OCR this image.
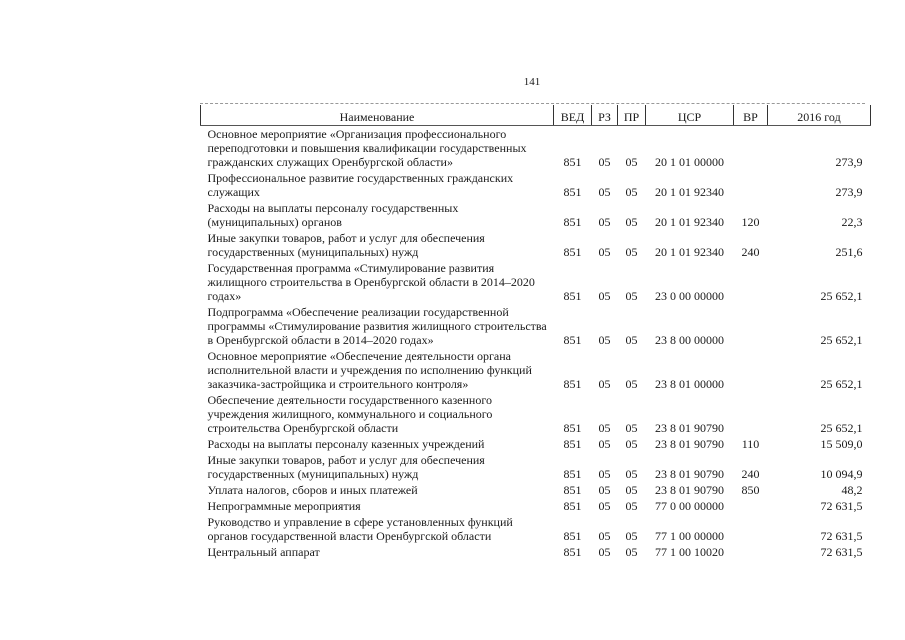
141
Наименование	ВЕД	РЗ	ПР	ЦСР	ВР	2016 год
Основное мероприятие «Организация профессионального переподготовки и повышения квалификации государственных гражданских служащих Оренбургской области»	851	05	05	20 1 01 00000		273,9
Профессиональное развитие государственных гражданских служащих	851	05	05	20 1 01 92340		273,9
Расходы на выплаты персоналу государственных (муниципальных) органов	851	05	05	20 1 01 92340	120	22,3
Иные закупки товаров, работ и услуг для обеспечения государственных (муниципальных) нужд	851	05	05	20 1 01 92340	240	251,6
Государственная программа «Стимулирование развития жилищного строительства в Оренбургской области в 2014–2020 годах»	851	05	05	23 0 00 00000		25 652,1
Подпрограмма «Обеспечение реализации государственной программы «Стимулирование развития жилищного строительства в Оренбургской области в 2014–2020 годах»	851	05	05	23 8 00 00000		25 652,1
Основное мероприятие «Обеспечение деятельности органа исполнительной власти и учреждения по исполнению функций заказчика-застройщика и строительного контроля»	851	05	05	23 8 01 00000		25 652,1
Обеспечение деятельности государственного казенного учреждения жилищного, коммунального и социального строительства Оренбургской области	851	05	05	23 8 01 90790		25 652,1
Расходы на выплаты персоналу казенных учреждений	851	05	05	23 8 01 90790	110	15 509,0
Иные закупки товаров, работ и услуг для обеспечения государственных (муниципальных) нужд	851	05	05	23 8 01 90790	240	10 094,9
Уплата налогов, сборов и иных платежей	851	05	05	23 8 01 90790	850	48,2
Непрограммные мероприятия	851	05	05	77 0 00 00000		72 631,5
Руководство и управление в сфере установленных функций органов государственной власти Оренбургской области	851	05	05	77 1 00 00000		72 631,5
Центральный аппарат	851	05	05	77 1 00 10020		72 631,5
